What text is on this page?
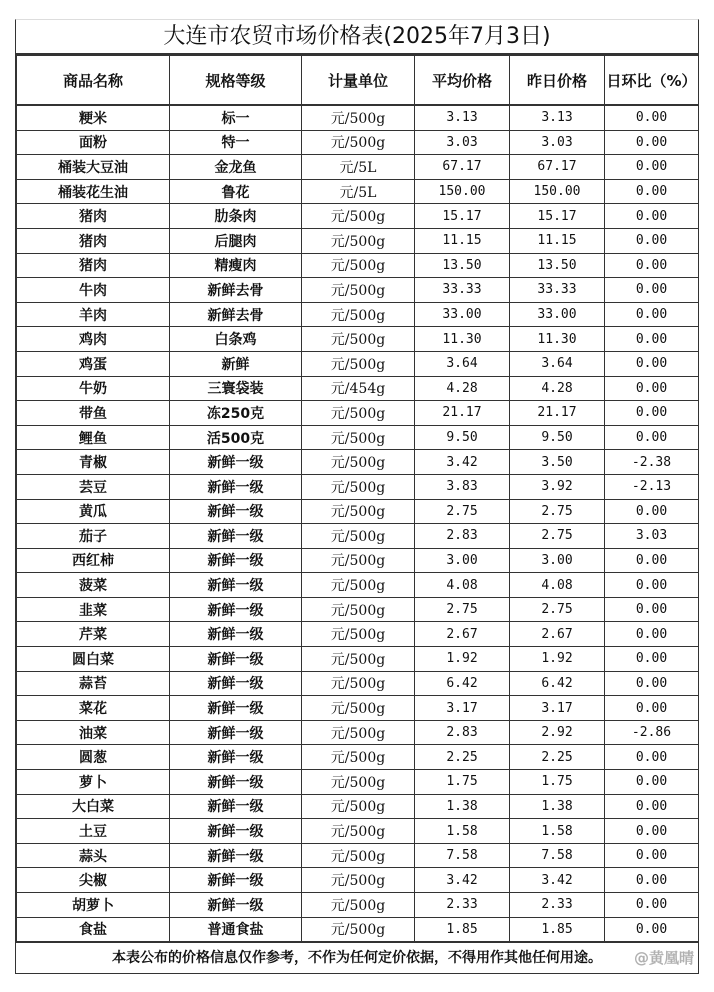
大连市农贸市场价格表(2025年7月3日)
商品名称	规格等级	计量单位	平均价格	昨日价格	日环比（%）
粳米	标一	元/500g	3.13	3.13	0.00
面粉	特一	元/500g	3.03	3.03	0.00
桶装大豆油	金龙鱼	元/5L	67.17	67.17	0.00
桶装花生油	鲁花	元/5L	150.00	150.00	0.00
猪肉	肋条肉	元/500g	15.17	15.17	0.00
猪肉	后腿肉	元/500g	11.15	11.15	0.00
猪肉	精瘦肉	元/500g	13.50	13.50	0.00
牛肉	新鲜去骨	元/500g	33.33	33.33	0.00
羊肉	新鲜去骨	元/500g	33.00	33.00	0.00
鸡肉	白条鸡	元/500g	11.30	11.30	0.00
鸡蛋	新鲜	元/500g	3.64	3.64	0.00
牛奶	三寰袋装	元/454g	4.28	4.28	0.00
带鱼	冻250克	元/500g	21.17	21.17	0.00
鲤鱼	活500克	元/500g	9.50	9.50	0.00
青椒	新鲜一级	元/500g	3.42	3.50	-2.38
芸豆	新鲜一级	元/500g	3.83	3.92	-2.13
黄瓜	新鲜一级	元/500g	2.75	2.75	0.00
茄子	新鲜一级	元/500g	2.83	2.75	3.03
西红柿	新鲜一级	元/500g	3.00	3.00	0.00
菠菜	新鲜一级	元/500g	4.08	4.08	0.00
韭菜	新鲜一级	元/500g	2.75	2.75	0.00
芹菜	新鲜一级	元/500g	2.67	2.67	0.00
圆白菜	新鲜一级	元/500g	1.92	1.92	0.00
蒜苔	新鲜一级	元/500g	6.42	6.42	0.00
菜花	新鲜一级	元/500g	3.17	3.17	0.00
油菜	新鲜一级	元/500g	2.83	2.92	-2.86
圆葱	新鲜一级	元/500g	2.25	2.25	0.00
萝卜	新鲜一级	元/500g	1.75	1.75	0.00
大白菜	新鲜一级	元/500g	1.38	1.38	0.00
土豆	新鲜一级	元/500g	1.58	1.58	0.00
蒜头	新鲜一级	元/500g	7.58	7.58	0.00
尖椒	新鲜一级	元/500g	3.42	3.42	0.00
胡萝卜	新鲜一级	元/500g	2.33	2.33	0.00
食盐	普通食盐	元/500g	1.85	1.85	0.00
本表公布的价格信息仅作参考，不作为任何定价依据，不得用作其他任何用途。 @黄凰晴
